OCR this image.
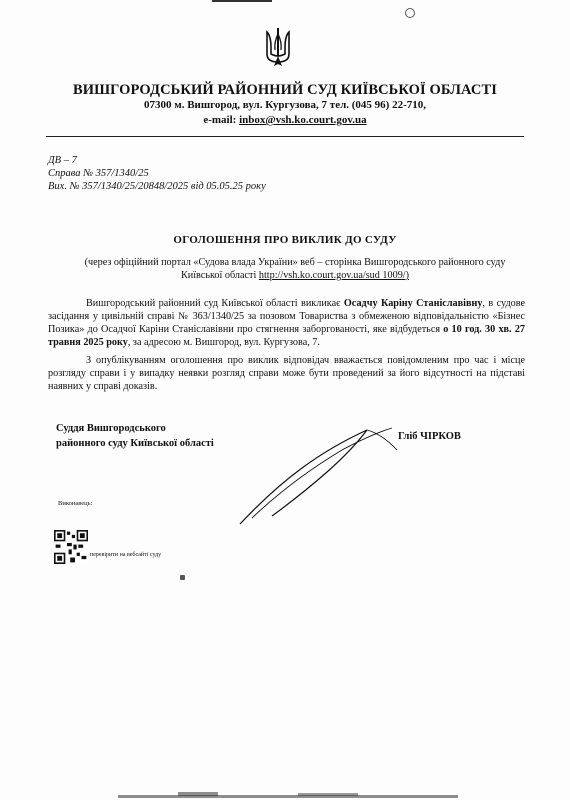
ВИШГОРОДСЬКИЙ РАЙОННИЙ СУД КИЇВСЬКОЇ ОБЛАСТІ
07300 м. Вишгород, вул. Кургузова, 7 тел. (045 96) 22-710,
e-mail: inbox@vsh.ko.court.gov.ua
ДВ – 7
Справа № 357/1340/25
Вих. № 357/1340/25/20848/2025 від 05.05.25 року
ОГОЛОШЕННЯ ПРО ВИКЛИК ДО СУДУ
(через офіційний портал «Судова влада України» веб – сторінка Вишгородського районного суду Київської області http://vsh.ko.court.gov.ua/sud 1009/)
Вишгородський районний суд Київської області викликає Осадчу Каріну Станіславівну, в судове засідання у цивільній справі № 363/1340/25 за позовом Товариства з обмеженою відповідальністю «Бізнес Позика» до Осадчої Каріни Станіславівни про стягнення заборгованості, яке відбудеться о 10 год. 30 хв. 27 травня 2025 року, за адресою м. Вишгород, вул. Кургузова, 7.
З опублікуванням оголошення про виклик відповідач вважається повідомленим про час і місце розгляду справи і у випадку неявки розгляд справи може бути проведений за його відсутності на підставі наявних у справі доказів.
Суддя Вишгородського
районного суду Київської області
Гліб ЧІРКОВ
Виконавець:
перевірити на вебсайті суду
